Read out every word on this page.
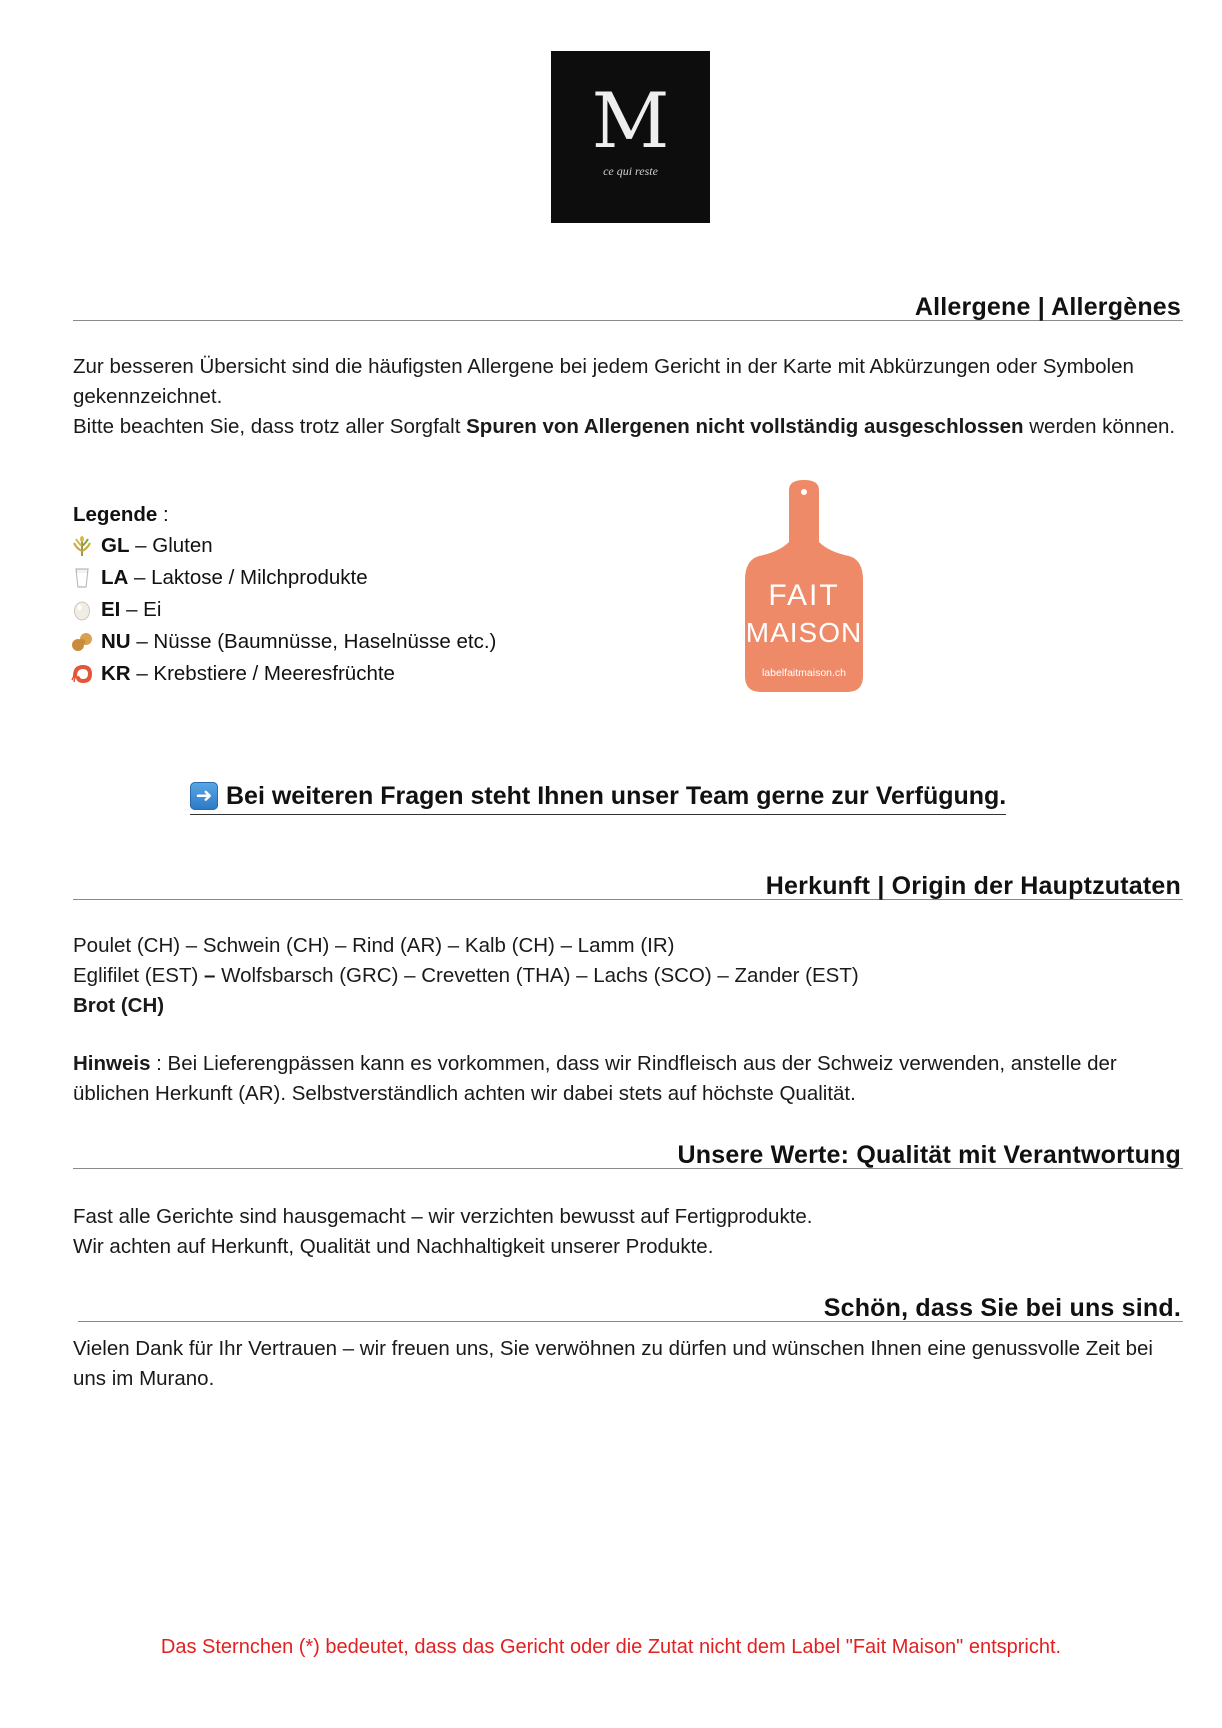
M
ce qui reste
Allergene | Allergènes

Zur besseren Übersicht sind die häufigsten Allergene bei jedem Gericht in der Karte mit Abkürzungen oder Symbolen gekennzeichnet.

Bitte beachten Sie, dass trotz aller Sorgfalt Spuren von Allergenen nicht vollständig ausgeschlossen werden können.

Legende :
GL
– Gluten
LA
– Laktose / Milchprodukte
EI
– Ei
NU
– Nüsse (Baumnüsse, Haselnüsse etc.)
KR
– Krebstiere / Meeresfrüchte	labelfaitmaison.ch
FAIT
MAISON
➜ Bei weiteren Fragen steht Ihnen unser Team gerne zur Verfügung.
Herkunft | Origin der Hauptzutaten

Poulet (CH) – Schwein (CH) – Rind (AR) – Kalb (CH) – Lamm (IR)

Eglifilet (EST) – Wolfsbarsch (GRC) – Crevetten (THA) – Lachs (SCO) – Zander (EST)

Brot (CH)

Hinweis : Bei Lieferengpässen kann es vorkommen, dass wir Rindfleisch aus der Schweiz verwenden, anstelle der üblichen Herkunft (AR). Selbstverständlich achten wir dabei stets auf höchste Qualität.

Unsere Werte: Qualität mit Verantwortung

Fast alle Gerichte sind hausgemacht – wir verzichten bewusst auf Fertigprodukte.

Wir achten auf Herkunft, Qualität und Nachhaltigkeit unserer Produkte.

Schön, dass Sie bei uns sind.
Vielen Dank für Ihr Vertrauen – wir freuen uns, Sie verwöhnen zu dürfen und wünschen Ihnen eine genussvolle Zeit bei uns im Murano.
Das Sternchen (*) bedeutet, dass das Gericht oder die Zutat nicht dem Label "Fait Maison" entspricht.
